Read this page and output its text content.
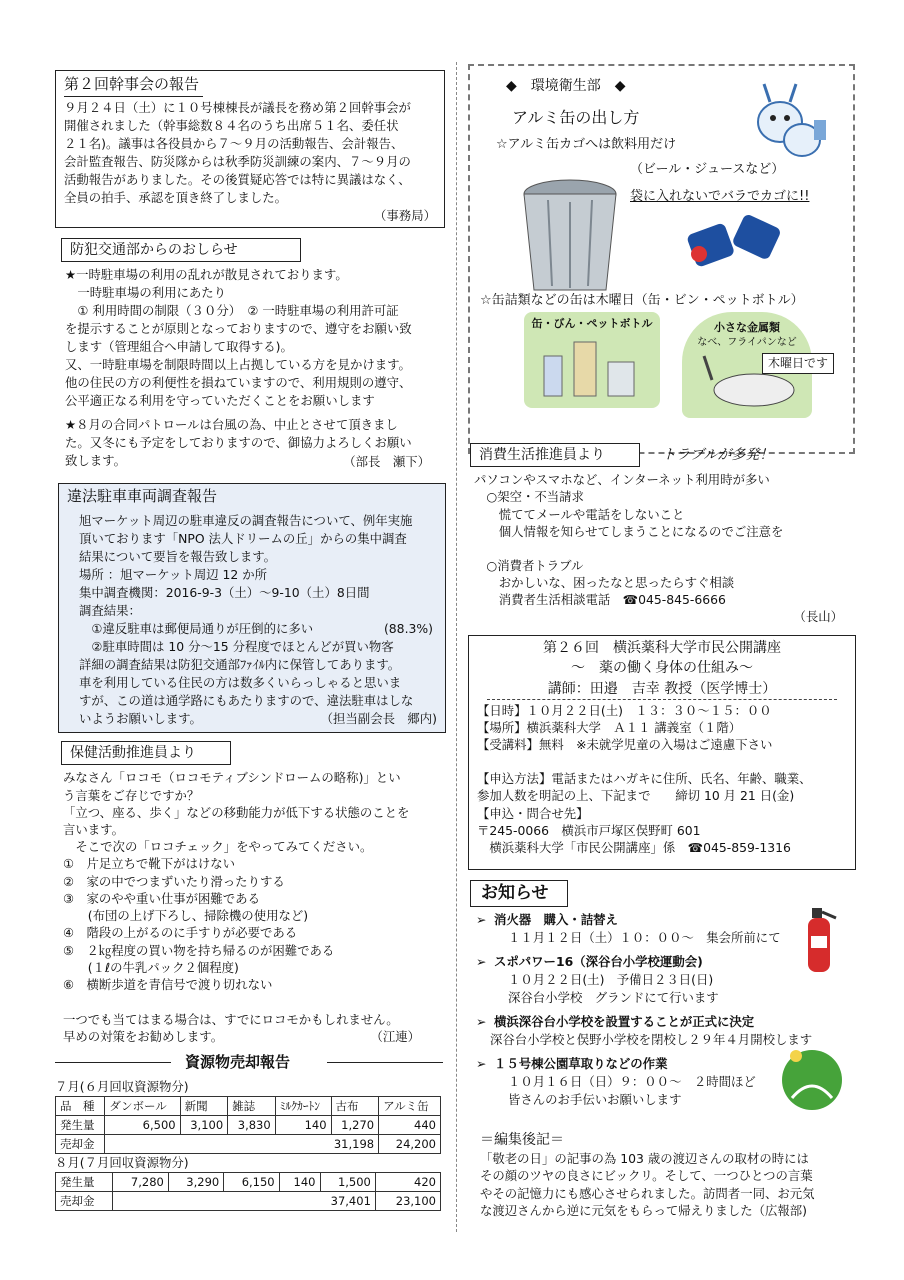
第２回幹事会の報告
９月２４日（土）に１０号棟棟長が議長を務め第２回幹事会が
開催されました（幹事総数８４名のうち出席５１名、委任状
２１名)。議事は各役員から７～９月の活動報告、会計報告、
会計監査報告、防災隊からは秋季防災訓練の案内、７～９月の
活動報告がありました。その後質疑応答では特に異議はなく、
全員の拍手、承認を頂き終了しました。
（事務局）
防犯交通部からのおしらせ
★一時駐車場の利用の乱れが散見されております。
　一時駐車場の利用にあたり
　① 利用時間の制限（３０分）　② 一時駐車場の利用許可証
を提示することが原則となっておりますので、遵守をお願い致
します（管理組合へ申請して取得する)。
又、一時駐車場を制限時間以上占拠している方を見かけます。
他の住民の方の利便性を損ねていますので、利用規則の遵守、
公平適正なる利用を守っていただくことをお願いします
★８月の合同パトロールは台風の為、中止とさせて頂きまし
た。又冬にも予定をしておりますので、御協力よろしくお願い
致します。	（部長　瀬下）
違法駐車車両調査報告
旭マーケット周辺の駐車違反の調査報告について、例年実施
頂いております「NPO 法人ドリームの丘」からの集中調査
結果について要旨を報告致します。
場所 ：旭マーケット周辺 12 か所
集中調査機関：2016-9-3（土）～9-10（土）8日間
調査結果：
　①違反駐車は郵便局通りが圧倒的に多い	(88.3%)
　②駐車時間は 10 分～15 分程度でほとんどが買い物客
詳細の調査結果は防犯交通部ﾌｧｲﾙ内に保管してあります。
車を利用している住民の方は数多くいらっしゃると思いま
すが、この道は通学路にもあたりますので、違法駐車はしな
いようお願いします。	（担当副会長　郷内)
保健活動推進員より
みなさん「ロコモ（ロコモティブシンドロームの略称)」とい
う言葉をご存じですか？
「立つ、座る、歩く」などの移動能力が低下する状態のことを
言います。
　そこで次の「ロコチェック」をやってみてください。
①　片足立ちで靴下がはけない
②　家の中でつまずいたり滑ったりする
③　家のやや重い仕事が困難である
　　(布団の上げ下ろし、掃除機の使用など)
④　階段の上がるのに手すりが必要である
⑤　２㎏程度の買い物を持ち帰るのが困難である
　　(１ℓの牛乳パック２個程度)
⑥　横断歩道を青信号で渡り切れない

一つでも当てはまる場合は、すでにロコモかもしれません。
早めの対策をお勧めします。	（江連）
資源物売却報告
７月(６月回収資源物分)
品　種	ダンボール	新聞	雑誌	ﾐﾙｸｶｰﾄﾝ	古布	アルミ缶
発生量	6,500	3,100	3,830	140	1,270	440
売却金	31,198					24,200
８月(７月回収資源物分)
発生量	7,280	3,290	6,150	140	1,500	420
売却金	37,401					23,100
◆　環境衛生部　◆
アルミ缶の出し方
☆アルミ缶カゴへは飲料用だけ
（ビール・ジュースなど）
袋に入れないでバラでカゴに!!
☆缶詰類などの缶は木曜日（缶・ビン・ペットボトル）
缶・びん・ペットボトル	小さな金属類
なべ、フライパンなど
木曜日です
消費生活推進員より	トラブルが多発！
パソコンやスマホなど、インターネット利用時が多い
　○架空・不当請求
　　慌ててメールや電話をしないこと
　　個人情報を知らせてしまうことになるのでご注意を

　○消費者トラブル
　　おかしいな、困ったなと思ったらすぐ相談
　　消費者生活相談電話　☎045-845-6666
（長山）
第２６回　横浜薬科大学市民公開講座
～　薬の働く身体の仕組み～
講師：田邉　吉幸 教授（医学博士）
【日時】１０月２２日(土)　１３：３０～１５：００
【場所】横浜薬科大学　Ａ１１ 講義室（１階）
【受講料】無料　※未就学児童の入場はご遠慮下さい

【申込方法】電話またはハガキに住所、氏名、年齢、職業、
参加人数を明記の上、下記まで　　締切 10 月 21 日(金)
【申込・問合せ先】
〒245-0066　横浜市戸塚区俣野町 601
　横浜薬科大学「市民公開講座」係　☎045-859-1316
お知らせ
➢ 消火器　購入・詰替え
１１月１２日（土）１０：００～　集会所前にて
➢ スポパワー16（深谷台小学校運動会)
１０月２２日(土)　予備日２３日(日)
深谷台小学校　グランドにて行います
➢ 横浜深谷台小学校を設置することが正式に決定
深谷台小学校と俣野小学校を閉校し２９年４月開校します
➢ １５号棟公園草取りなどの作業
１０月１６日（日）９：００～　２時間ほど
皆さんのお手伝いお願いします
＝編集後記＝
「敬老の日」の記事の為 103 歳の渡辺さんの取材の時には
その顔のツヤの良さにビックリ。そして、一つひとつの言葉
やその記憶力にも感心させられました。訪問者一同、お元気
な渡辺さんから逆に元気をもらって帰えりました（広報部)
